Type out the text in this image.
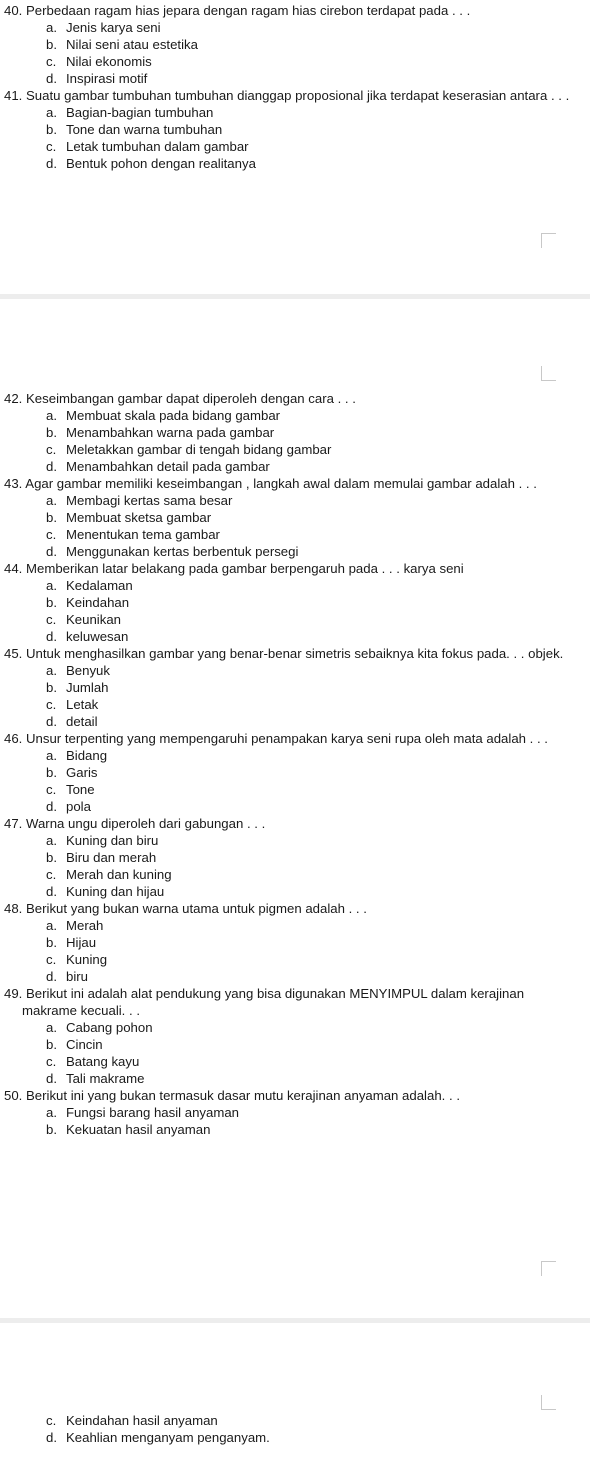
40. Perbedaan ragam hias jepara dengan ragam hias cirebon terdapat pada . . .
a. Jenis karya seni
b. Nilai seni atau estetika
c. Nilai ekonomis
d. Inspirasi motif
41. Suatu gambar tumbuhan tumbuhan dianggap proposional jika terdapat keserasian antara . . .
a. Bagian-bagian tumbuhan
b. Tone dan warna tumbuhan
c. Letak tumbuhan dalam gambar
d. Bentuk pohon dengan realitanya
42. Keseimbangan gambar dapat diperoleh dengan cara . . .
a. Membuat skala pada bidang gambar
b. Menambahkan warna pada gambar
c. Meletakkan gambar di tengah bidang gambar
d. Menambahkan detail pada gambar
43. Agar gambar memiliki keseimbangan , langkah awal dalam memulai gambar adalah . . .
a. Membagi kertas sama besar
b. Membuat sketsa gambar
c. Menentukan tema gambar
d. Menggunakan kertas berbentuk persegi
44. Memberikan latar belakang pada gambar berpengaruh pada . . . karya seni
a. Kedalaman
b. Keindahan
c. Keunikan
d. keluwesan
45. Untuk menghasilkan gambar yang benar-benar simetris sebaiknya kita fokus pada. . . objek.
a. Benyuk
b. Jumlah
c. Letak
d. detail
46. Unsur terpenting yang mempengaruhi penampakan karya seni rupa oleh mata adalah . . .
a. Bidang
b. Garis
c. Tone
d. pola
47. Warna ungu diperoleh dari gabungan . . .
a. Kuning dan biru
b. Biru dan merah
c. Merah dan kuning
d. Kuning dan hijau
48. Berikut yang bukan warna utama untuk pigmen adalah . . .
a. Merah
b. Hijau
c. Kuning
d. biru
49. Berikut ini adalah alat pendukung yang bisa digunakan MENYIMPUL dalam kerajinan makrame kecuali. . .
a. Cabang pohon
b. Cincin
c. Batang kayu
d. Tali makrame
50. Berikut ini yang bukan termasuk dasar mutu kerajinan anyaman adalah. . .
a. Fungsi barang hasil anyaman
b. Kekuatan hasil anyaman
c. Keindahan hasil anyaman
d. Keahlian menganyam penganyam.
